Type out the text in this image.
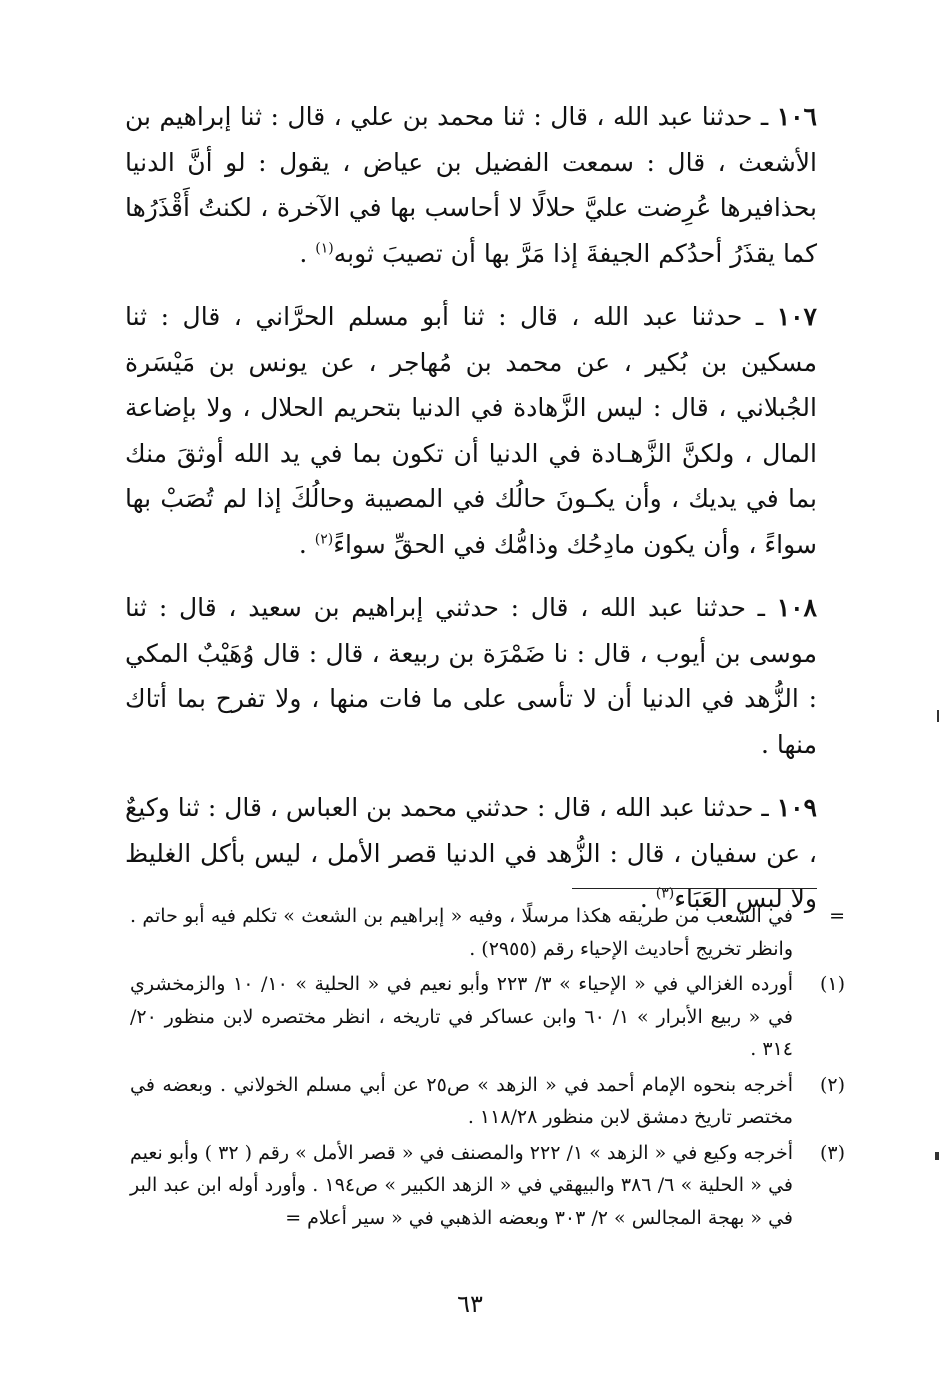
١٠٦ ـ حدثنا عبد الله ، قال : ثنا محمد بن علي ، قال : ثنا إبراهيم بن الأشعث ، قال : سمعت الفضيل بن عياض ، يقول : لو أنَّ الدنيا بحذافيرها عُرِضت عليَّ حلالًا لا أحاسب بها في الآخرة ، لكنتُ أَقْذَرُها كما يقذَرُ أحدُكم الجيفةَ إذا مَرَّ بها أن تصيبَ ثوبه$^{(١)}$ .

١٠٧ ـ حدثنا عبد الله ، قال : ثنا أبو مسلم الحرَّاني ، قال : ثنا مسكين بن بُكير ، عن محمد بن مُهاجر ، عن يونس بن مَيْسَرة الجُبلاني ، قال : ليس الزَّهادة في الدنيا بتحريم الحلال ، ولا بإضاعة المال ، ولكنَّ الزَّهـادة في الدنيا أن تكون بما في يد الله أوثقَ منك بما في يديك ، وأن يكـونَ حالُك في المصيبة وحالُكَ إذا لم تُصَبْ بها سواءً ، وأن يكون مادِحُك وذامُّك في الحقِّ سواءً$^{(٢)}$ .

١٠٨ ـ حدثنا عبد الله ، قال : حدثني إبراهيم بن سعيد ، قال : ثنا موسى بن أيوب ، قال : نا ضَمْرَة بن ربيعة ، قال : قال وُهَيْبٌ المكي : الزُّهد في الدنيا أن لا تأسى على ما فات منها ، ولا تفرح بما أتاك منها .

١٠٩ ـ حدثنا عبد الله ، قال : حدثني محمد بن العباس ، قال : ثنا وكيعٌ ، عن سفيان ، قال : الزُّهد في الدنيا قصر الأمل ، ليس بأكل الغليظ ولا لبس العَبَاء$^{(٣)}$ .

=
في الشعب من طريقه هكذا مرسلًا ، وفيه « إبراهيم بن الشعث » تكلم فيه أبو حاتم . وانظر تخريج أحاديث الإحياء رقم (٢٩٥٥) .
(١)
أورده الغزالي في « الإحياء » ٣/ ٢٢٣ وأبو نعيم في « الحلية » ١٠/ ١٠ والزمخشري في « ربيع الأبرار » ١/ ٦٠ وابن عساكر في تاريخه ، انظر مختصره لابن منظور ٢٠/ ٣١٤ .
(٢)
أخرجه بنحوه الإمام أحمد في « الزهد » ص٢٥ عن أبي مسلم الخولاني . وبعضه في مختصر تاريخ دمشق لابن منظور ١١٨/٢٨ .
(٣)
أخرجه وكيع في « الزهد » ١/ ٢٢٢ والمصنف في « قصر الأمل » رقم ( ٣٢ ) وأبو نعيم في « الحلية » ٦/ ٣٨٦ والبيهقي في « الزهد الكبير » ص١٩٤ . وأورد أوله ابن عبد البر في « بهجة المجالس » ٢/ ٣٠٣ وبعضه الذهبي في « سير أعلام =
٦٣
